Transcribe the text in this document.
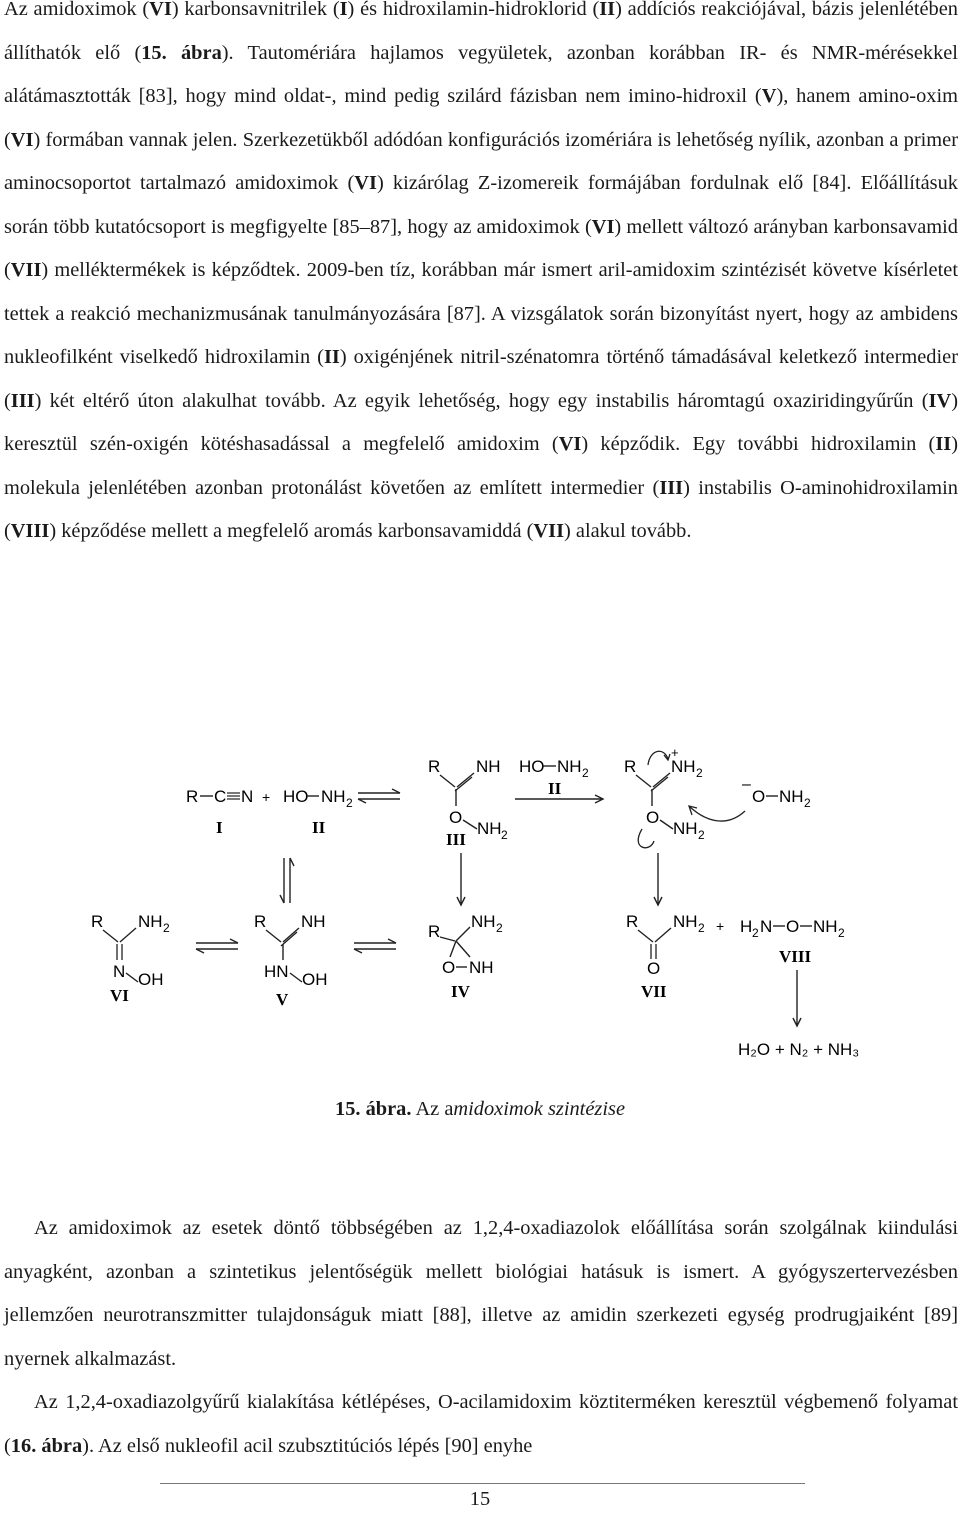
Az amidoximok (VI) karbonsavnitrilek (I) és hidroxilamin-hidroklorid (II) addíciós reakciójával, bázis jelenlétében állíthatók elő (15. ábra). Tautomériára hajlamos vegyületek, azonban korábban IR- és NMR-mérésekkel alátámasztották [83], hogy mind oldat-, mind pedig szilárd fázisban nem imino-hidroxil (V), hanem amino-oxim (VI) formában vannak jelen. Szerkezetükből adódóan konfigurációs izomériára is lehetőség nyílik, azonban a primer aminocsoportot tartalmazó amidoximok (VI) kizárólag Z-izomereik formájában fordulnak elő [84]. Előállításuk során több kutatócsoport is megfigyelte [85‒87], hogy az amidoximok (VI) mellett változó arányban karbonsavamid (VII) melléktermékek is képződtek. 2009-ben tíz, korábban már ismert aril-amidoxim szintézisét követve kísérletet tettek a reakció mechanizmusának tanulmányozására [87]. A vizsgálatok során bizonyítást nyert, hogy az ambidens nukleofilként viselkedő hidroxilamin (II) oxigénjének nitril-szénatomra történő támadásával keletkező intermedier (III) két eltérő úton alakulhat tovább. Az egyik lehetőség, hogy egy instabilis háromtagú oxaziridingyűrűn (IV) keresztül szén-oxigén kötéshasadással a megfelelő amidoxim (VI) képződik. Egy további hidroxilamin (II) molekula jelenlétében azonban protonálást követően az említett intermedier (III) instabilis O-aminohidroxilamin (VIII) képződése mellett a megfelelő aromás karbonsavamiddá (VII) alakul tovább.

R C N
I
+ HO NH 2
II
R NH
O
NH 2
III
HO NH 2
II
R NH 2
+
O
NH 2
‒
O NH 2
R NH 2
N OH
VI
R NH
HN OH
V
R
NH 2
O NH
IV
R NH 2
O
VII
+ H 2 N O NH 2
VIII
H₂O + N₂ + NH₃
15. ábra. Az amidoximok szintézise

Az amidoximok az esetek döntő többségében az 1,2,4-oxadiazolok előállítása során szolgálnak kiindulási anyagként, azonban a szintetikus jelentőségük mellett biológiai hatásuk is ismert. A gyógyszertervezésben jellemzően neurotranszmitter tulajdonságuk miatt [88], illetve az amidin szerkezeti egység prodrugjaiként [89] nyernek alkalmazást.

Az 1,2,4-oxadiazolgyűrű kialakítása kétlépéses, O-acilamidoxim köztiterméken keresztül végbemenő folyamat (16. ábra). Az első nukleofil acil szubsztitúciós lépés [90] enyhe

15
